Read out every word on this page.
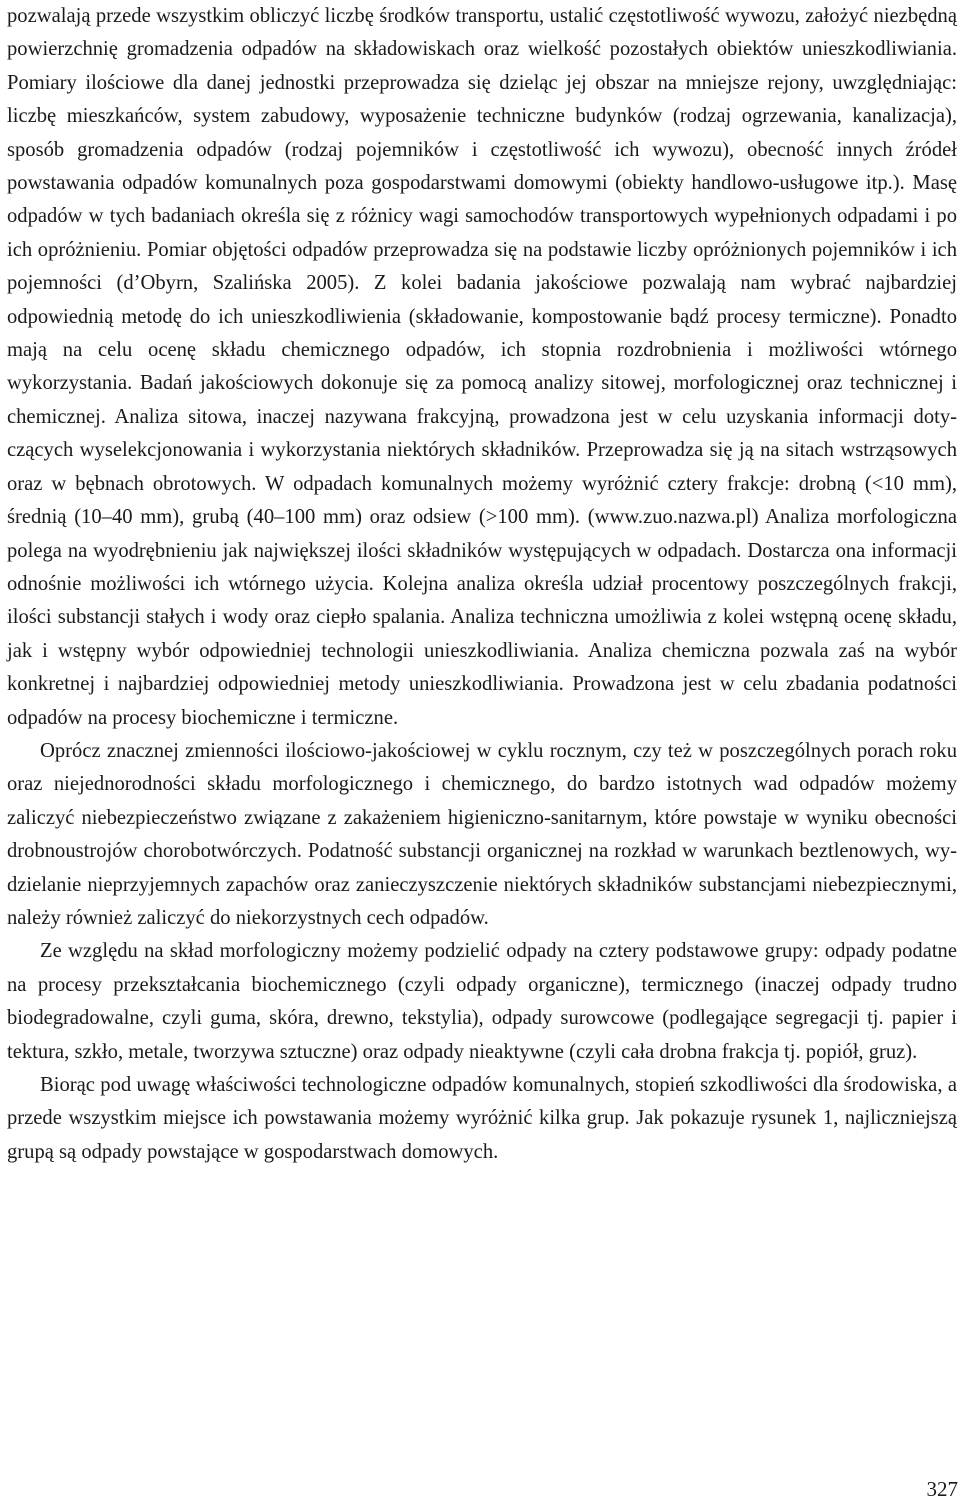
pozwalają przede wszystkim obliczyć liczbę środków transportu, ustalić częstotliwość wywozu, założyć niezbędną powierzchnię gromadzenia odpadów na składowiskach oraz wielkość pozostałych obiektów unieszkodliwiania. Pomiary ilościowe dla danej jednostki przeprowadza się dzieląc jej obszar na mniejsze rejony, uwzględniając: liczbę mieszkańców, system zabudowy, wyposażenie techniczne budynków (rodzaj ogrzewania, kanalizacja), sposób gromadzenia odpadów (rodzaj pojemników i częstotliwość ich wywozu), obecność innych źródeł powstawania odpadów komunalnych poza gospodarstwami domowymi (obiekty handlowo-usługowe itp.). Masę odpadów w tych badaniach określa się z różnicy wagi samochodów transportowych wypełnionych odpadami i po ich opróżnieniu. Pomiar objętości odpadów przeprowadza się na podstawie liczby opróżnionych pojemników i ich pojemności (d’Obyrn, Szalińska 2005). Z kolei badania jakościowe pozwalają nam wybrać najbardziej odpowiednią metodę do ich unieszkodliwienia (składowanie, kompostowanie bądź procesy termiczne). Ponadto mają na celu ocenę składu chemicznego odpadów, ich stopnia rozdrobnienia i możliwości wtórnego wykorzystania. Badań jakościowych dokonuje się za pomocą analizy sitowej, morfologicznej oraz technicznej i chemicznej. Analiza sitowa, inaczej nazywana frakcyjną, prowadzona jest w celu uzyskania informacji dotyczących wyselekcjonowania i wykorzystania niektórych składników. Przeprowadza się ją na sitach wstrząsowych oraz w bębnach obrotowych. W odpadach komunalnych możemy wyróżnić cztery frakcje: drobną (<10 mm), średnią (10–40 mm), grubą (40–100 mm) oraz odsiew (>100 mm). (www.zuo.nazwa.pl) Analiza morfologiczna polega na wyodrębnieniu jak największej ilości składników występujących w odpadach. Dostarcza ona informacji odnośnie możliwości ich wtórnego użycia. Kolejna analiza określa udział procentowy poszczególnych frakcji, ilości substancji stałych i wody oraz ciepło spalania. Analiza techniczna umożliwia z kolei wstępną ocenę składu, jak i wstępny wybór odpowiedniej technologii unieszkodliwiania. Analiza chemiczna pozwala zaś na wybór konkretnej i najbardziej odpowiedniej metody unieszkodliwiania. Prowadzona jest w celu zbadania podatności odpadów na procesy biochemiczne i termiczne.

Oprócz znacznej zmienności ilościowo-jakościowej w cyklu rocznym, czy też w poszczególnych porach roku oraz niejednorodności składu morfologicznego i chemicznego, do bardzo istotnych wad odpadów możemy zaliczyć niebezpieczeństwo związane z zakażeniem higieniczno-sanitarnym, które powstaje w wyniku obecności drobnoustrojów chorobotwórczych. Podatność substancji organicznej na rozkład w warunkach beztlenowych, wydzielanie nieprzyjemnych zapachów oraz zanieczyszczenie niektórych składników substancjami niebezpiecznymi, należy również zaliczyć do niekorzystnych cech odpadów.

Ze względu na skład morfologiczny możemy podzielić odpady na cztery podstawowe grupy: odpady podatne na procesy przekształcania biochemicznego (czyli odpady organiczne), termicznego (inaczej odpady trudno biodegradowalne, czyli guma, skóra, drewno, tekstylia), odpady surowcowe (podlegające segregacji tj. papier i tektura, szkło, metale, tworzywa sztuczne) oraz odpady nieaktywne (czyli cała drobna frakcja tj. popiół, gruz).

Biorąc pod uwagę właściwości technologiczne odpadów komunalnych, stopień szkodliwości dla środowiska, a przede wszystkim miejsce ich powstawania możemy wyróżnić kilka grup. Jak pokazuje rysunek 1, najliczniejszą grupą są odpady powstające w gospodarstwach domowych.

327
